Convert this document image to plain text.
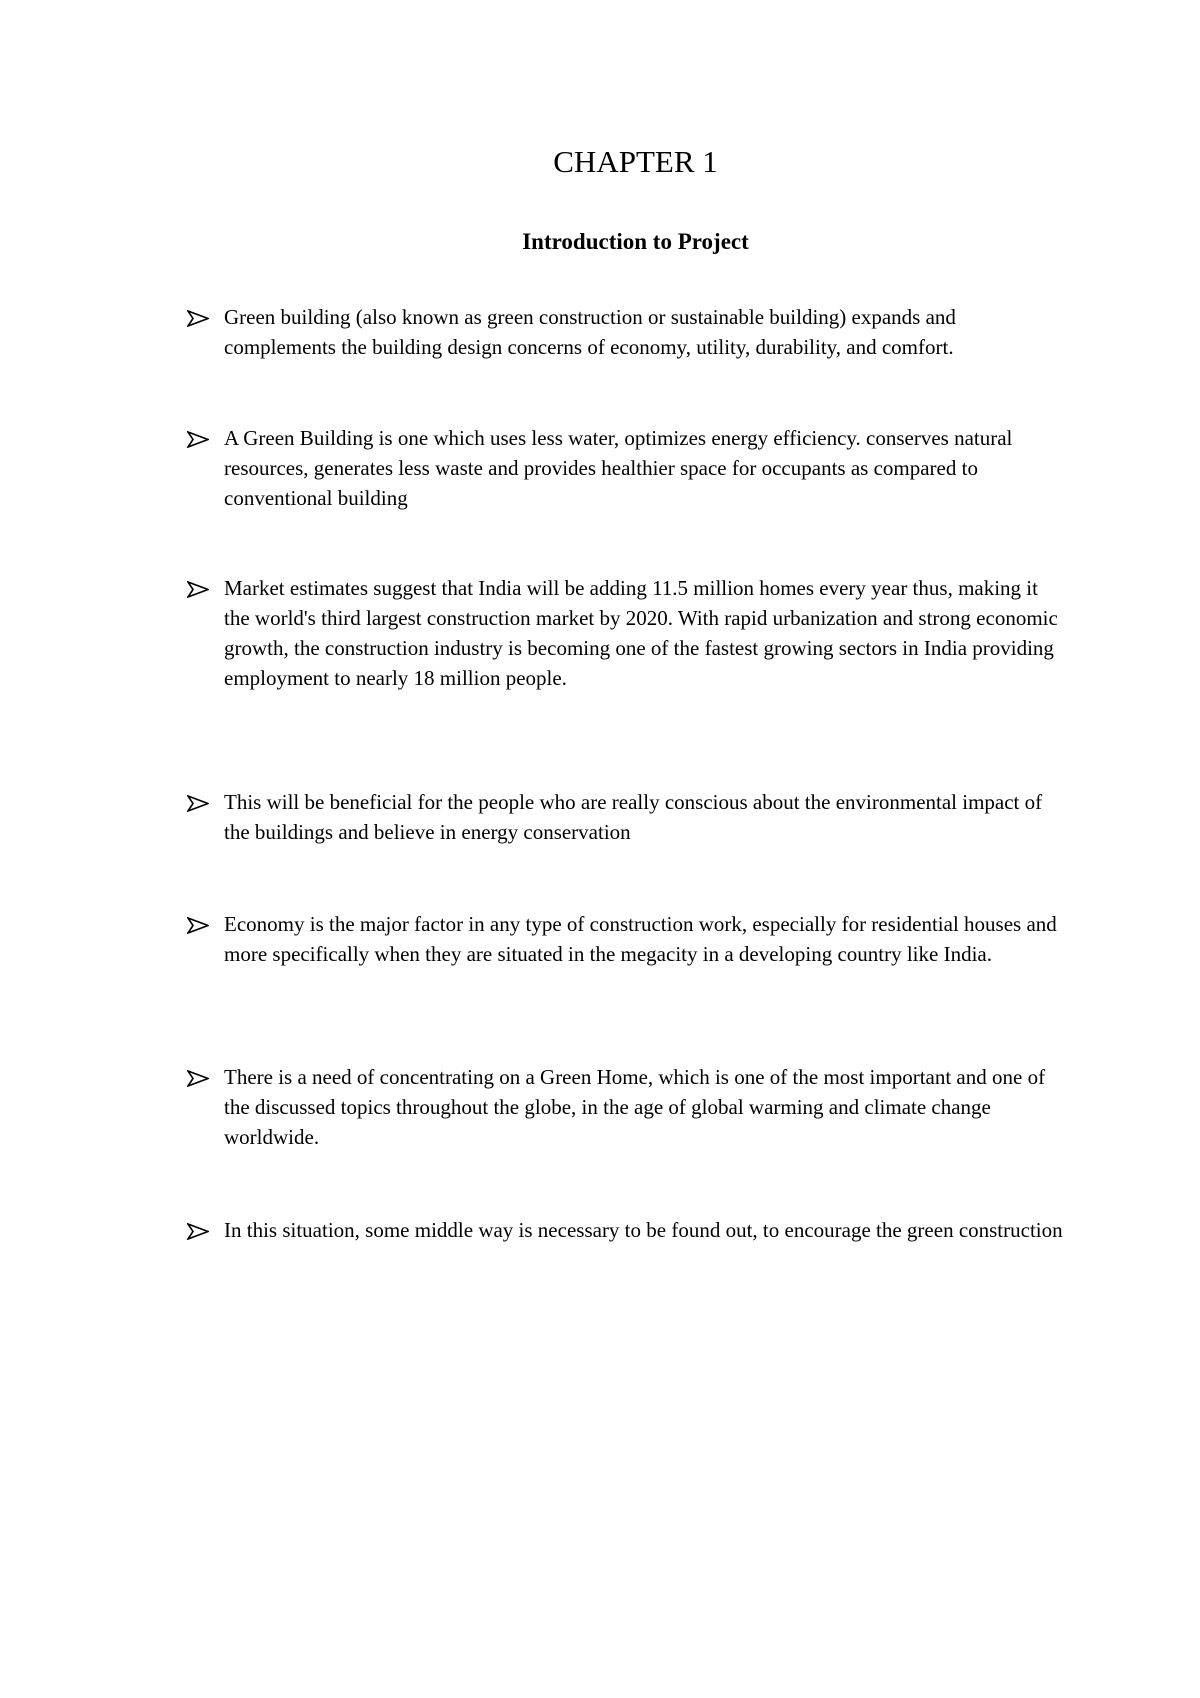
CHAPTER 1
Introduction to Project
Green building (also known as green construction or sustainable building) expands and complements the building design concerns of economy, utility, durability, and comfort.
A Green Building is one which uses less water, optimizes energy efficiency. conserves natural resources, generates less waste and provides healthier space for occupants as compared to conventional building
Market estimates suggest that India will be adding 11.5 million homes every year thus, making it the world's third largest construction market by 2020. With rapid urbanization and strong economic growth, the construction industry is becoming one of the fastest growing sectors in India providing employment to nearly 18 million people.
This will be beneficial for the people who are really conscious about the environmental impact of the buildings and believe in energy conservation
Economy is the major factor in any type of construction work, especially for residential houses and more specifically when they are situated in the megacity in a developing country like India.
There is a need of concentrating on a Green Home, which is one of the most important and one of the discussed topics throughout the globe, in the age of global warming and climate change worldwide.
In this situation, some middle way is necessary to be found out, to encourage the green construction
